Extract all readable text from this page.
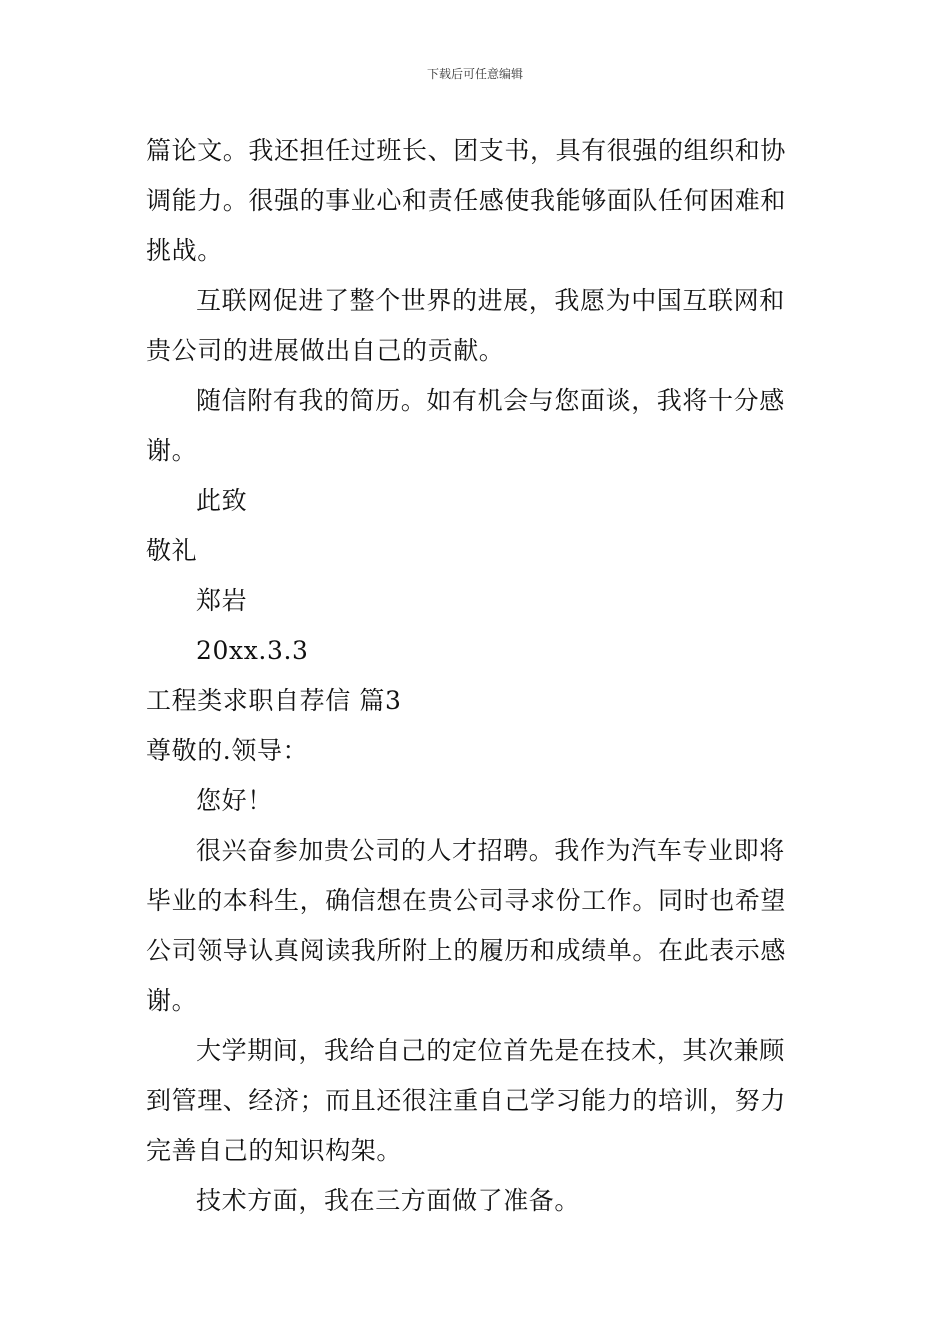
下载后可任意编辑
篇论文。我还担任过班长、团支书，具有很强的组织和协
调能力。很强的事业心和责任感使我能够面队任何困难和
挑战。
互联网促进了整个世界的进展，我愿为中国互联网和
贵公司的进展做出自己的贡献。
随信附有我的简历。如有机会与您面谈，我将十分感
谢。
此致
敬礼
郑岩
20xx.3.3
工程类求职自荐信 篇3
尊敬的.领导：
您好！
很兴奋参加贵公司的人才招聘。我作为汽车专业即将
毕业的本科生，确信想在贵公司寻求份工作。同时也希望
公司领导认真阅读我所附上的履历和成绩单。在此表示感
谢。
大学期间，我给自己的定位首先是在技术，其次兼顾
到管理、经济；而且还很注重自己学习能力的培训，努力
完善自己的知识构架。
技术方面，我在三方面做了准备。
